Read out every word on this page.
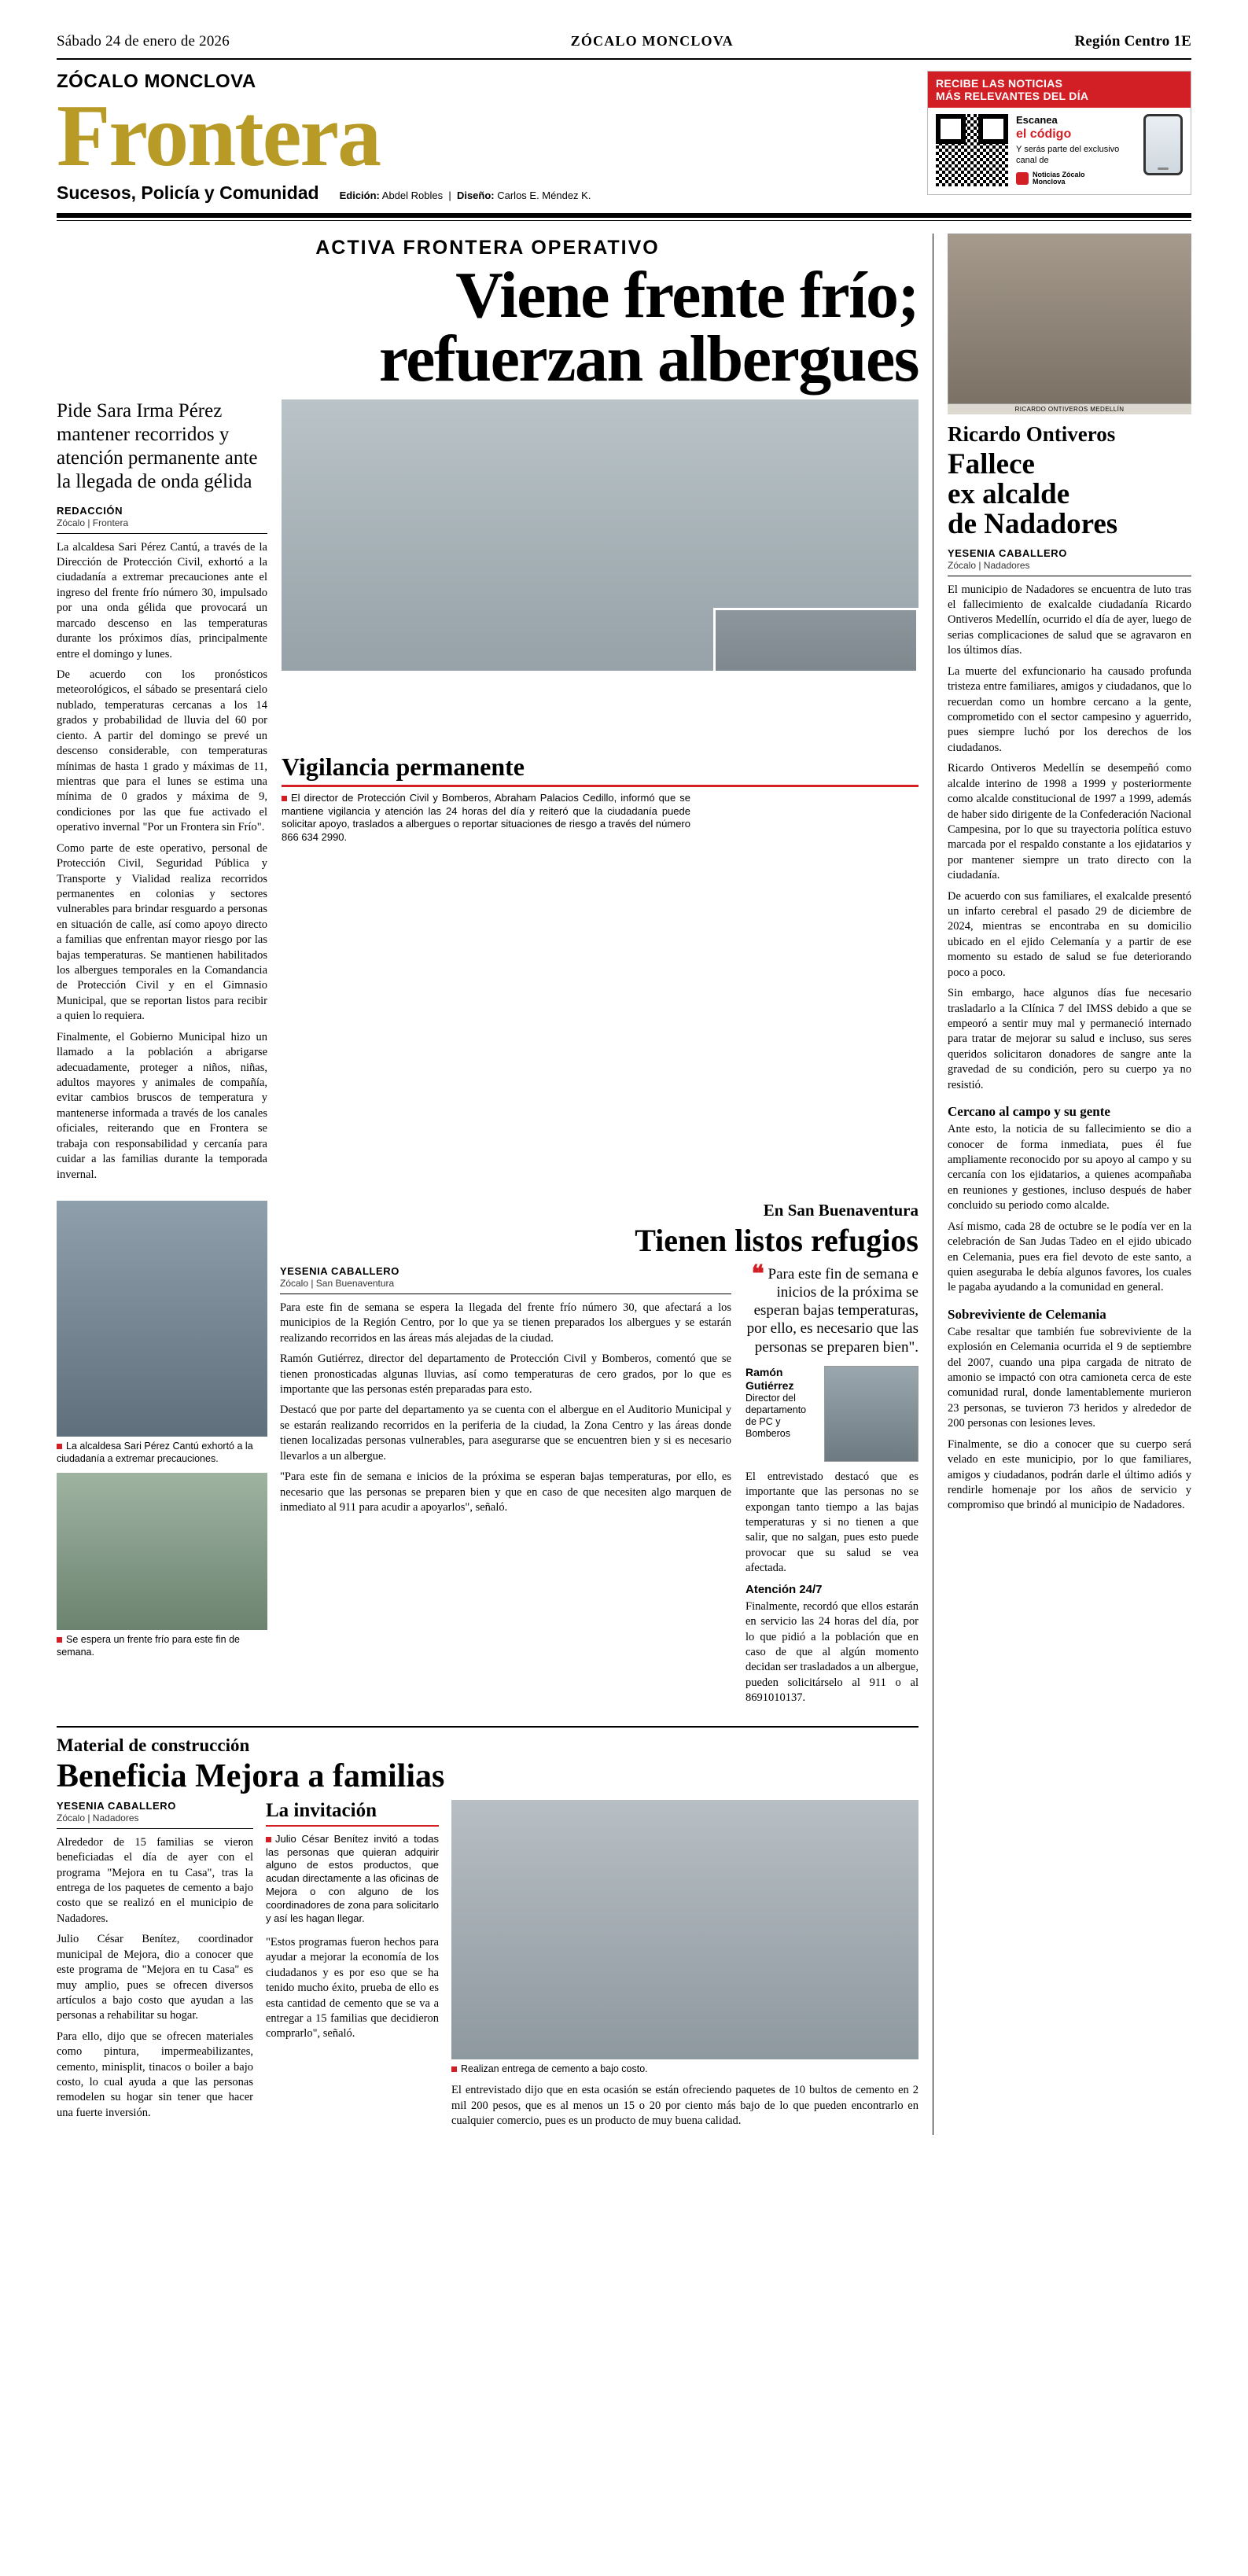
Sábado 24 de enero de 2026	ZÓCALO MONCLOVA	Región Centro 1E
ZÓCALO MONCLOVA
Frontera
Sucesos, Policía y Comunidad Edición: Abdel Robles  |  Diseño: Carlos E. Méndez K.
RECIBE LAS NOTICIAS
MÁS RELEVANTES DEL DÍA
Escanea
el código
Y serás parte del exclusivo canal de
Noticias Zócalo
Monclova
ACTIVA FRONTERA OPERATIVO
Viene frente frío;
refuerzan albergues
Pide Sara Irma Pérez mantener recorridos y atención permanente ante la llegada de onda gélida
REDACCIÓN
Zócalo | Frontera

La alcaldesa Sari Pérez Cantú, a través de la Dirección de Protección Civil, exhortó a la ciudadanía a extremar precauciones ante el ingreso del frente frío número 30, impulsado por una onda gélida que provocará un marcado descenso en las temperaturas durante los próximos días, principalmente entre el domingo y lunes.

De acuerdo con los pronósticos meteorológicos, el sábado se presentará cielo nublado, temperaturas cercanas a los 14 grados y probabilidad de lluvia del 60 por ciento. A partir del domingo se prevé un descenso considerable, con temperaturas mínimas de hasta 1 grado y máximas de 11, mientras que para el lunes se estima una mínima de 0 grados y máxima de 9, condiciones por las que fue activado el operativo invernal "Por un Frontera sin Frío".

Como parte de este operativo, personal de Protección Civil, Seguridad Pública y Transporte y Vialidad realiza recorridos permanentes en colonias y sectores vulnerables para brindar resguardo a personas en situación de calle, así como apoyo directo a familias que enfrentan mayor riesgo por las bajas temperaturas. Se mantienen habilitados los albergues temporales en la Comandancia de Protección Civil y en el Gimnasio Municipal, que se reportan listos para recibir a quien lo requiera.

Finalmente, el Gobierno Municipal hizo un llamado a la población a abrigarse adecuadamente, proteger a niños, niñas, adultos mayores y animales de compañía, evitar cambios bruscos de temperatura y mantenerse informada a través de los canales oficiales, reiterando que en Frontera se trabaja con responsabilidad y cercanía para cuidar a las familias durante la temporada invernal.

Vigilancia permanente
El director de Protección Civil y Bomberos, Abraham Palacios Cedillo, informó que se mantiene vigilancia y atención las 24 horas del día y reiteró que la ciudadanía puede solicitar apoyo, traslados a albergues o reportar situaciones de riesgo a través del número 866 634 2990.
La alcaldesa Sari Pérez Cantú exhortó a la ciudadanía a extremar precauciones.
Se espera un frente frío para este fin de semana.
En San Buenaventura
Tienen listos refugios
YESENIA CABALLERO
Zócalo | San Buenaventura

Para este fin de semana se espera la llegada del frente frío número 30, que afectará a los municipios de la Región Centro, por lo que ya se tienen preparados los albergues y se estarán realizando recorridos en las áreas más alejadas de la ciudad.

Ramón Gutiérrez, director del departamento de Protección Civil y Bomberos, comentó que se tienen pronosticadas algunas lluvias, así como temperaturas de cero grados, por lo que es importante que las personas estén preparadas para esto.

Destacó que por parte del departamento ya se cuenta con el albergue en el Auditorio Municipal y se estarán realizando recorridos en la periferia de la ciudad, la Zona Centro y las áreas donde tienen localizadas personas vulnerables, para asegurarse que se encuentren bien y si es necesario llevarlos a un albergue.

"Para este fin de semana e inicios de la próxima se esperan bajas temperaturas, por ello, es necesario que las personas se preparen bien y que en caso de que necesiten algo marquen de inmediato al 911 para acudir a apoyarlos", señaló.

❝ Para este fin de semana e inicios de la próxima se esperan bajas temperaturas, por ello, es necesario que las personas se preparen bien".
Ramón Gutiérrez
Director del departamento de PC y Bomberos

El entrevistado destacó que es importante que las personas no se expongan tanto tiempo a las bajas temperaturas y si no tienen a que salir, que no salgan, pues esto puede provocar que su salud se vea afectada.

Atención 24/7

Finalmente, recordó que ellos estarán en servicio las 24 horas del día, por lo que pidió a la población que en caso de que al algún momento decidan ser trasladados a un albergue, pueden solicitárselo al 911 o al 8691010137.

Material de construcción
Beneficia Mejora a familias
YESENIA CABALLERO
Zócalo | Nadadores

Alrededor de 15 familias se vieron beneficiadas el día de ayer con el programa "Mejora en tu Casa", tras la entrega de los paquetes de cemento a bajo costo que se realizó en el municipio de Nadadores.

Julio César Benítez, coordinador municipal de Mejora, dio a conocer que este programa de "Mejora en tu Casa" es muy amplio, pues se ofrecen diversos artículos a bajo costo que ayudan a las personas a rehabilitar su hogar.

Para ello, dijo que se ofrecen materiales como pintura, impermeabilizantes, cemento, minisplit, tinacos o boiler a bajo costo, lo cual ayuda a que las personas remodelen su hogar sin tener que hacer una fuerte inversión.

La invitación
Julio César Benítez invitó a todas las personas que quieran adquirir alguno de estos productos, que acudan directamente a las oficinas de Mejora o con alguno de los coordinadores de zona para solicitarlo y así les hagan llegar.

"Estos programas fueron hechos para ayudar a mejorar la economía de los ciudadanos y es por eso que se ha tenido mucho éxito, prueba de ello es esta cantidad de cemento que se va a entregar a 15 familias que decidieron comprarlo", señaló.

Realizan entrega de cemento a bajo costo.

El entrevistado dijo que en esta ocasión se están ofreciendo paquetes de 10 bultos de cemento en 2 mil 200 pesos, que es al menos un 15 o 20 por ciento más bajo de lo que pueden encontrarlo en cualquier comercio, pues es un producto de muy buena calidad.

RICARDO ONTIVEROS MEDELLÍN
Ricardo Ontiveros
Fallece
ex alcalde
de Nadadores
YESENIA CABALLERO
Zócalo | Nadadores

El municipio de Nadadores se encuentra de luto tras el fallecimiento de exalcalde ciudadanía Ricardo Ontiveros Medellín, ocurrido el día de ayer, luego de serias complicaciones de salud que se agravaron en los últimos días.

La muerte del exfuncionario ha causado profunda tristeza entre familiares, amigos y ciudadanos, que lo recuerdan como un hombre cercano a la gente, comprometido con el sector campesino y aguerrido, pues siempre luchó por los derechos de los ciudadanos.

Ricardo Ontiveros Medellín se desempeñó como alcalde interino de 1998 a 1999 y posteriormente como alcalde constitucional de 1997 a 1999, además de haber sido dirigente de la Confederación Nacional Campesina, por lo que su trayectoria política estuvo marcada por el respaldo constante a los ejidatarios y por mantener siempre un trato directo con la ciudadanía.

De acuerdo con sus familiares, el exalcalde presentó un infarto cerebral el pasado 29 de diciembre de 2024, mientras se encontraba en su domicilio ubicado en el ejido Celemanía y a partir de ese momento su estado de salud se fue deteriorando poco a poco.

Sin embargo, hace algunos días fue necesario trasladarlo a la Clínica 7 del IMSS debido a que se empeoró a sentir muy mal y permaneció internado para tratar de mejorar su salud e incluso, sus seres queridos solicitaron donadores de sangre ante la gravedad de su condición, pero su cuerpo ya no resistió.

Cercano al campo y su gente

Ante esto, la noticia de su fallecimiento se dio a conocer de forma inmediata, pues él fue ampliamente reconocido por su apoyo al campo y su cercanía con los ejidatarios, a quienes acompañaba en reuniones y gestiones, incluso después de haber concluido su periodo como alcalde.

Así mismo, cada 28 de octubre se le podía ver en la celebración de San Judas Tadeo en el ejido ubicado en Celemania, pues era fiel devoto de este santo, a quien aseguraba le debía algunos favores, los cuales le pagaba ayudando a la comunidad en general.

Sobreviviente de Celemania

Cabe resaltar que también fue sobreviviente de la explosión en Celemania ocurrida el 9 de septiembre del 2007, cuando una pipa cargada de nitrato de amonio se impactó con otra camioneta cerca de este comunidad rural, donde lamentablemente murieron 23 personas, se tuvieron 73 heridos y alrededor de 200 personas con lesiones leves.

Finalmente, se dio a conocer que su cuerpo será velado en este municipio, por lo que familiares, amigos y ciudadanos, podrán darle el último adiós y rendirle homenaje por los años de servicio y compromiso que brindó al municipio de Nadadores.
